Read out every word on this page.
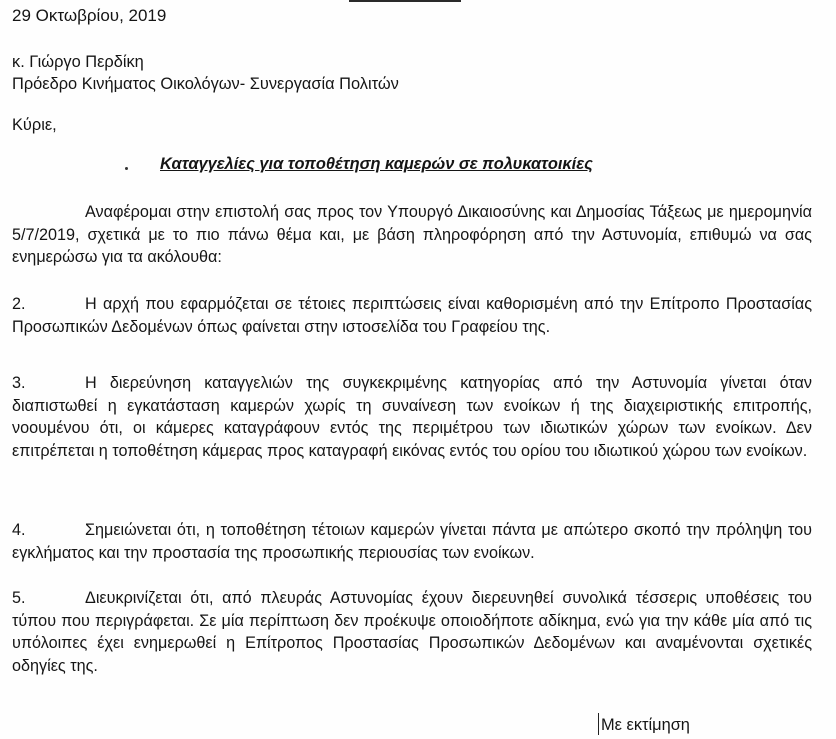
29 Οκτωβρίου, 2019
κ. Γιώργο Περδίκη
Πρόεδρο Κινήματος Οικολόγων- Συνεργασία Πολιτών
Κύριε,
Καταγγελίες για τοποθέτηση καμερών σε πολυκατοικίες
Αναφέρομαι στην επιστολή σας προς τον Υπουργό Δικαιοσύνης και Δημοσίας Τάξεως με ημερομηνία 5/7/2019, σχετικά με το πιο πάνω θέμα και, με βάση πληροφόρηση από την Αστυνομία, επιθυμώ να σας ενημερώσω για τα ακόλουθα:
2.	Η αρχή που εφαρμόζεται σε τέτοιες περιπτώσεις είναι καθορισμένη από την Επίτροπο Προστασίας Προσωπικών Δεδομένων όπως φαίνεται στην ιστοσελίδα του Γραφείου της.
3.	Η διερεύνηση καταγγελιών της συγκεκριμένης κατηγορίας από την Αστυνομία γίνεται όταν διαπιστωθεί η εγκατάσταση καμερών χωρίς τη συναίνεση των ενοίκων ή της διαχειριστικής επιτροπής, νοουμένου ότι, οι κάμερες καταγράφουν εντός της περιμέτρου των ιδιωτικών χώρων των ενοίκων. Δεν επιτρέπεται η τοποθέτηση κάμερας προς καταγραφή εικόνας εντός του ορίου του ιδιωτικού χώρου των ενοίκων.
4.	Σημειώνεται ότι, η τοποθέτηση τέτοιων καμερών γίνεται πάντα με απώτερο σκοπό την πρόληψη του εγκλήματος και την προστασία της προσωπικής περιουσίας των ενοίκων.
5.	Διευκρινίζεται ότι, από πλευράς Αστυνομίας έχουν διερευνηθεί συνολικά τέσσερις υποθέσεις του τύπου που περιγράφεται. Σε μία περίπτωση δεν προέκυψε οποιοδήποτε αδίκημα, ενώ για την κάθε μία από τις υπόλοιπες έχει ενημερωθεί η Επίτροπος Προστασίας Προσωπικών Δεδομένων και αναμένονται σχετικές οδηγίες της.
Με εκτίμηση
